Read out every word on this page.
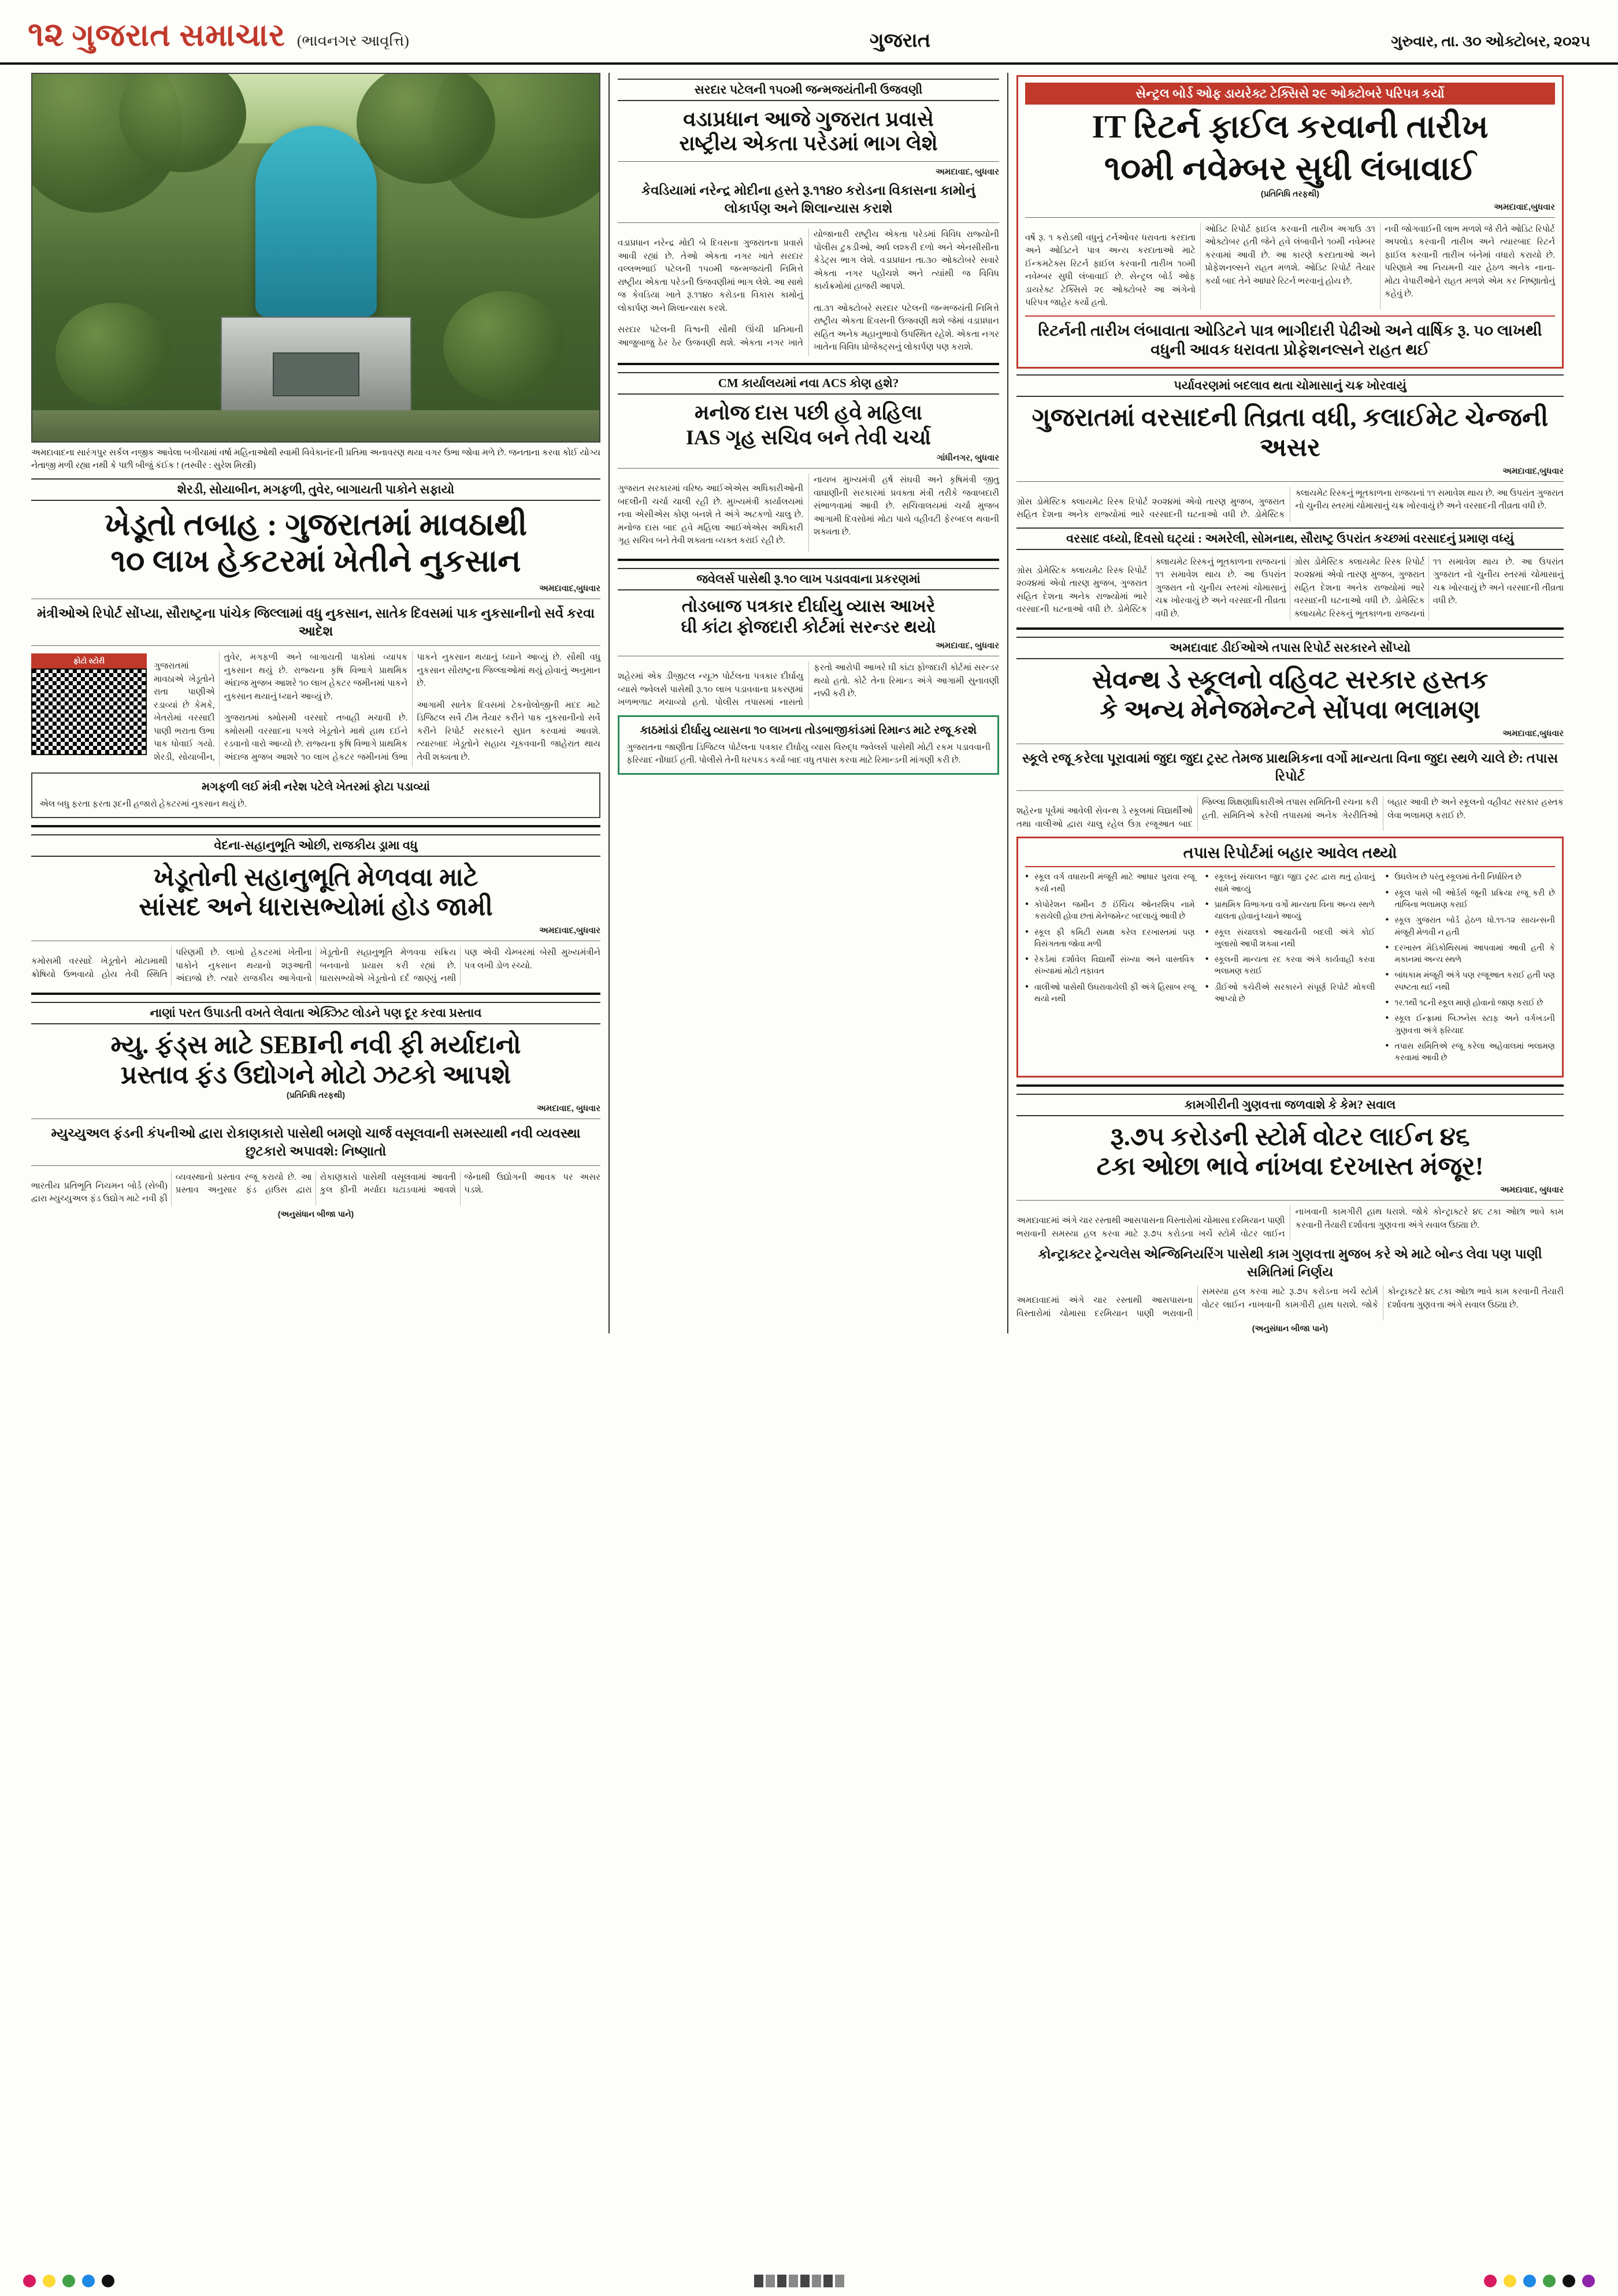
૧૨ ગુજરાત સમાચાર (ભાવનગર આવૃત્તિ)	ગુજરાત	ગુરુવાર, તા. ૩૦ ઓક્ટોબર, ૨૦૨૫
અમદાવાદના સારંગપુર સર્કલ નજીક આવેલા બગીચામાં વર્ષા મહિનાઓથી સ્વામી વિવેકાનંદની પ્રતિમા અનાવરણ થયા વગર ઉભા જોવા મળે છે. જનતાના કરવા કોઈ યોગ્ય નેતાજી મળી રહ્યા નથી કે પછી બીજું કંઈક ! (તસ્વીર : સુરેશ મિસ્ત્રી)
શેરડી, સોયાબીન, મગફળી, તુવેર, બાગાયતી પાકોને સફાયો
ખેડૂતો તબાહ : ગુજરાતમાં માવઠાથી
૧૦ લાખ હેકટરમાં ખેતીને નુકસાન
અમદાવાદ,બુધવાર
મંત્રીઓએ રિપોર્ટ સોંપ્યા, સૌરાષ્ટ્રના પાંચેક જિલ્લામાં વધુ નુકસાન, સાતેક દિવસમાં પાક નુકસાનીનો સર્વે કરવા આદેશ
ફોટો સ્ટોરી

ગુજરાતમાં માવઠાએ ખેડૂતોને રાતા પાણીએ રડાવ્યાં છે કેમકે, ખેતરોમાં વરસાદી પાણી ભરાતા ઉભા પાક ધોવાઈ ગયો. શેરડી, સોયાબીન, તુવેર, મગફળી અને બાગાયતી પાકોમાં વ્યાપક નુકસાન થયું છે. રાજ્યના કૃષિ વિભાગે પ્રાથમિક અંદાજ મુજબ આશરે ૧૦ લાખ હેકટર જમીનમાં પાકને નુકસાન થયાનું ધ્યાને આવ્યું છે.

ગુજરાતમાં ક્મોસમી વરસાદે તબાહી મચાવી છે. ક્મોસમી વરસાદના પગલે ખેડૂતોને માથે હાથ દઈને રડવાનો વારો આવ્યો છે. રાજ્યના કૃષિ વિભાગે પ્રાથમિક અંદાજ મુજબ આશરે ૧૦ લાખ હેકટર જમીનમાં ઉભા પાકને નુકસાન થયાનું ધ્યાને આવ્યું છે. સૌથી વધુ નુકસાન સૌરાષ્ટ્રના જિલ્લાઓમાં થયું હોવાનું અનુમાન છે.

આગામી સાતેક દિવસમાં ટેકનોલોજીની મદદ માટે ડિજિટલ સર્વે ટીમ તૈયાર કરીને પાક નુકસાનીનો સર્વે કરીને રિપોર્ટ સરકારને સુપ્રત કરવામાં આવશે. ત્યારબાદ ખેડૂતોને સહાય ચૂકવવાની જાહેરાત થાય તેવી શક્યતા છે.

મગફળી લઈ મંત્રી નરેશ પટેલે ખેતરમાં ફોટા પડાવ્યાં
એલ બધુ ફરતા ફરતા રૂદની હજારો હેકટરમાં નુકસાન થયું છે.
વેદના-સહાનુભૂતિ ઓછી, રાજકીય ડ્રામા વધુ
ખેડૂતોની સહાનુભૂતિ મેળવવા માટે
સાંસદ અને ધારાસભ્યોમાં હોડ જામી
અમદાવાદ,બુધવાર

કમોસમી વરસાદે ખેડૂતોને મોટામાથી ક્રોષિયો ઉભવાયો હોય તેવી સ્થિતિ પરિણમી છે. લાખો હેકટરમાં ખેતીના પાકોને નુકસાન થયાનો શરૂઆતી અંદાજો છે. ત્યારે રાજકીય આગેવાનો ખેડૂતોની સહાનુભૂતિ મેળવવા સક્રિય બનવાનો પ્રયાસ કરી રહ્યાં છે. ધારાસભ્યોએ ખેડૂતોનો દર્દ જાણ્યું નથી પણ એવી ચેમ્બરમાં બેસી મુખ્યમંત્રીને પત્ર લખી ડોળ રચ્યો.

નાણાં પરત ઉપાડતી વખતે લેવાતા એક્ઝિટ લોડને પણ દૂર કરવા પ્રસ્તાવ
મ્યુ. ફંડ્સ માટે SEBIની નવી ફી મર્યાદાનો
પ્રસ્તાવ ફંડ ઉદ્યોગને મોટો ઝટકો આપશે
(પ્રતિનિધિ તરફથી)
અમદાવાદ, બુધવાર
મ્યુચ્યુઅલ ફંડની કંપનીઓ દ્વારા રોકાણકારો પાસેથી બમણો ચાર્જ વસૂલવાની સમસ્યાથી નવી વ્યવસ્થા છુટકારો અપાવશે: નિષ્ણાતો

ભારતીય પ્રતિભૂતિ નિયમન બોર્ડ (સેબી) દ્વારા મ્યુચ્યુઅલ ફંડ ઉદ્યોગ માટે નવી ફી વ્યવસ્થાનો પ્રસ્તાવ રજૂ કરાયો છે. આ પ્રસ્તાવ અનુસાર ફંડ હાઉસ દ્વારા રોકાણકારો પાસેથી વસૂલવામાં આવતી કુલ ફીની મર્યાદા ઘટાડવામાં આવશે જેનાથી ઉદ્યોગની આવક પર અસર પડશે.

(અનુસંધાન બીજા પાને)
સરદાર પટેલની ૧૫૦મી જન્મજયંતીની ઉજવણી
વડાપ્રધાન આજે ગુજરાત પ્રવાસે
રાષ્ટ્રીય એકતા પરેડમાં ભાગ લેશે
અમદાવાદ, બુધવાર
કેવડિયામાં નરેન્દ્ર મોદીના હસ્તે રૂ.૧૧૪૦ કરોડના વિકાસના કામોનું લોકાર્પણ અને શિલાન્યાસ કરાશે

વડાપ્રધાન નરેન્દ્ર મોદી બે દિવસના ગુજરાતના પ્રવાસે આવી રહ્યાં છે. તેઓ એકતા નગર ખાતે સરદાર વલ્લભભાઈ પટેલની ૧૫૦મી જન્મજયંતી નિમિત્તે રાષ્ટ્રીય એકતા પરેડની ઉજવણીમાં ભાગ લેશે. આ સાથે જ કેવડિયા ખાતે રૂ.૧૧૪૦ કરોડના વિકાસ કામોનું લોકાર્પણ અને શિલાન્યાસ કરશે.

સરદાર પટેલની વિશ્વની સૌથી ઊંચી પ્રતિમાની આજુબાજુ ઠેર ઠેર ઉજવણી થશે. એકતા નગર ખાતે યોજાનારી રાષ્ટ્રીય એકતા પરેડમાં વિવિધ રાજ્યોની પોલીસ ટુકડીઓ, અર્ધ લશ્કરી દળો અને એનસીસીના કેડેટ્સ ભાગ લેશે. વડાપ્રધાન તા.૩૦ ઓક્ટોબરે સવારે એકતા નગર પહોંચશે અને ત્યાંથી જ વિવિધ કાર્યક્રમોમાં હાજરી આપશે.

તા.૩૧ ઓક્ટોબરે સરદાર પટેલની જન્મજયંતી નિમિત્તે રાષ્ટ્રીય એકતા દિવસની ઉજવણી થશે જેમાં વડાપ્રધાન સહિત અનેક મહાનુભાવો ઉપસ્થિત રહેશે. એકતા નગર ખાતેના વિવિધ પ્રોજેક્ટ્સનું લોકાર્પણ પણ કરાશે.

CM કાર્યાલયમાં નવા ACS કોણ હશે?
મનોજ દાસ પછી હવે મહિલા
IAS ગૃહ સચિવ બને તેવી ચર્ચા
ગાંધીનગર, બુધવાર

ગુજરાત સરકારમાં વરિષ્ઠ આઈએએસ અધિકારીઓની બદલીની ચર્ચા ચાલી રહી છે. મુખ્યમંત્રી કાર્યાલયમાં નવા એસીએસ કોણ બનશે તે અંગે અટકળો ચાલુ છે. મનોજ દાસ બાદ હવે મહિલા આઈએએસ અધિકારી ગૃહ સચિવ બને તેવી શક્યતા વ્યક્ત કરાઈ રહી છે.

નાયબ મુખ્યમંત્રી હર્ષ સંઘવી અને કૃષિમંત્રી જીતુ વાઘાણીની સરકારમાં પ્રવક્તા મંત્રી તરીકે જવાબદારી સંભાળવામાં આવી છે. સચિવાલયમાં ચર્ચા મુજબ આગામી દિવસોમાં મોટા પાયે વહીવટી ફેરબદલ થવાની શક્યતા છે.

જવેલર્સ પાસેથી રૂ.૧૦ લાખ પડાવવાના પ્રકરણમાં
તોડબાજ પત્રકાર દીર્ઘાયુ વ્યાસ આખરે
ઘી કાંટા ફોજદારી કોર્ટમાં સરન્ડર થયો
અમદાવાદ, બુધવાર

શહેરમાં એક ડીજીટલ ન્યૂઝ પોર્ટલના પત્રકાર દીર્ઘાયુ વ્યાસે જ્વેલર્સ પાસેથી રૂ.૧૦ લાખ પડાવવાના પ્રકરણમાં ખળભળાટ મચાવ્યો હતો. પોલીસ તપાસમાં નાસતો ફરતો આરોપી આખરે ઘી કાંટા ફોજદારી કોર્ટમાં સરન્ડર થયો હતો. કોર્ટે તેના રિમાન્ડ અંગે આગામી સુનાવણી નક્કી કરી છે.

કાઠમાંડાં દીર્ઘાયુ વ્યાસના ૧૦ લાખના તોડબાજીકાંડમાં રિમાન્ડ માટે રજૂ કરશે
ગુજરાતના જાણીતા ડિજિટલ પોર્ટલના પત્રકાર દીર્ઘાયુ વ્યાસ વિરુદ્ધ જ્વેલર્સ પાસેથી મોટી રકમ પડાવવાની ફરિયાદ નોંધાઈ હતી. પોલીસે તેની ધરપકડ કર્યા બાદ વધુ તપાસ કરવા માટે રિમાન્ડની માંગણી કરી છે.
સેન્ટ્રલ બોર્ડ ઓફ ડાયરેક્ટ ટેક્સિસે ૨૯ ઓક્ટોબરે પરિપત્ર કર્યો
IT રિટર્ન ફાઈલ કરવાની તારીખ
૧૦મી નવેમ્બર સુધી લંબાવાઈ
(પ્રતિનિધિ તરફથી)
અમદાવાદ,બુધવાર

વર્ષે રૂ. ૧ કરોડથી વધુનું ટર્નઓવર ધરાવતા કરદાતા અને ઓડિટને પાત્ર અન્ય કરદાતાઓ માટે ઈન્કમટેક્સ રિટર્ન ફાઈલ કરવાની તારીખ ૧૦મી નવેમ્બર સુધી લંબાવાઈ છે. સેન્ટ્રલ બોર્ડ ઓફ ડાયરેક્ટ ટેક્સિસે ૨૯ ઓક્ટોબરે આ અંગેનો પરિપત્ર જાહેર કર્યો હતો.

ઓડિટ રિપોર્ટ ફાઈલ કરવાની તારીખ અગાઉ ૩૧ ઓક્ટોબર હતી જેને હવે લંબાવીને ૧૦મી નવેમ્બર કરવામાં આવી છે. આ કારણે કરદાતાઓ અને પ્રોફેશનલ્સને રાહત મળશે. ઓડિટ રિપોર્ટ તૈયાર કર્યા બાદ તેને આધારે રિટર્ન ભરવાનું હોય છે.

નવી જોગવાઈની લાભ મળશે જે રીતે ઓડિટ રિપોર્ટ અપલોડ કરવાની તારીખ અને ત્યારબાદ રિટર્ન ફાઈલ કરવાની તારીખ બંનેમાં વધારો કરાયો છે. પરિણામે આ નિયમની ચાર હેઠળ અનેક નાના-મોટા વેપારીઓને રાહત મળશે એમ કર નિષ્ણાતોનું કહેવું છે.

રિટર્નની તારીખ લંબાવાતા ઓડિટને પાત્ર ભાગીદારી પેઢીઓ અને વાર્ષિક રૂ. ૫૦ લાખથી વધુની આવક ધરાવતા પ્રોફેશનલ્સને રાહત થઈ
પર્યાવરણમાં બદલાવ થતા ચોમાસાનું ચક્ર ખોરવાયું
ગુજરાતમાં વરસાદની તિવ્રતા વધી, કલાઈમેટ ચેન્જની અસર
અમદાવાદ,બુધવાર

ગ્રોસ ડોમેસ્ટિક ક્લાયમેટ રિસ્ક રિપોર્ટ ૨૦૨૪માં એવો તારણ મુજબ, ગુજરાત સહિત દેશના અનેક રાજ્યોમાં ભારે વરસાદની ઘટનાઓ વધી છે. ડોમેસ્ટિક ક્લાયમેટ રિસ્કનું ભૂતકાળના રાજયનાં ૧૧ સમાવેશ થાય છે. આ ઉપરાંત ગુજરાત નો ચુનીય સ્તરમાં ચોમાસાનું ચક્ર ખોરવાયું છે અને વરસાદની તીવ્રતા વધી છે.

વરસાદ વધ્યો, દિવસો ઘટ્યાં : અમરેલી, સોમનાથ, સૌરાષ્ટ્ર ઉપરાંત કચ્છમાં વરસાદનું પ્રમાણ વધ્યું

ગ્રોસ ડોમેસ્ટિક ક્લાયમેટ રિસ્ક રિપોર્ટ ૨૦૨૪માં એવો તારણ મુજબ, ગુજરાત સહિત દેશના અનેક રાજ્યોમાં ભારે વરસાદની ઘટનાઓ વધી છે. ડોમેસ્ટિક ક્લાયમેટ રિસ્કનું ભૂતકાળના રાજયનાં ૧૧ સમાવેશ થાય છે. આ ઉપરાંત ગુજરાત નો ચુનીય સ્તરમાં ચોમાસાનું ચક્ર ખોરવાયું છે અને વરસાદની તીવ્રતા વધી છે.

ગ્રોસ ડોમેસ્ટિક ક્લાયમેટ રિસ્ક રિપોર્ટ ૨૦૨૪માં એવો તારણ મુજબ, ગુજરાત સહિત દેશના અનેક રાજ્યોમાં ભારે વરસાદની ઘટનાઓ વધી છે. ડોમેસ્ટિક ક્લાયમેટ રિસ્કનું ભૂતકાળના રાજયનાં ૧૧ સમાવેશ થાય છે. આ ઉપરાંત ગુજરાત નો ચુનીય સ્તરમાં ચોમાસાનું ચક્ર ખોરવાયું છે અને વરસાદની તીવ્રતા વધી છે.

અમદાવાદ ડીઈઓએ તપાસ રિપોર્ટ સરકારને સોંપ્યો
સેવન્થ ડે સ્કૂલનો વહિવટ સરકાર હસ્તક
કે અન્ય મેનેજમેન્ટને સોંપવા ભલામણ
અમદાવાદ,બુધવાર
સ્કૂલે રજૂ કરેલા પૂરાવામાં જુદા જુદા ટ્રસ્ટ તેમજ પ્રાથમિકના વર્ગો માન્યતા વિના જુદા સ્થળે ચાલે છે: તપાસ રિપોર્ટ

શહેરના પૂર્વમાં આવેલી સેવન્થ ડે સ્કૂલમાં વિદ્યાર્થીઓ તથા વાલીઓ દ્વારા ચાલુ રહેલ ઉગ્ર રજૂઆત બાદ જિલ્લા શિક્ષણાધિકારીએ તપાસ સમિતિની રચના કરી હતી. સમિતિએ કરેલી તપાસમાં અનેક ગેરરીતિઓ બહાર આવી છે અને સ્કૂલનો વહીવટ સરકાર હસ્તક લેવા ભલામણ કરાઈ છે.

તપાસ રિપોર્ટમાં બહાર આવેલ તથ્યો
● સ્કૂલ વર્ગ વધારાની મંજૂરી માટે આધાર પુરાવા રજૂ કર્યા નથી
● કોપોરેશન જમીન ૭ ઈંચિય ઓનરશિપ નામે કરાયેલી હોવા છતાં મેનેજમેન્ટ બદલાયું આવી છે
● સ્કૂલ ફી કમિટી સમક્ષ કરેલ દરખાસ્તમાં પણ વિસંગતતા જોવા મળી
● રેકર્ડમાં દર્શાવેલ વિદ્યાર્થી સંખ્યા અને વાસ્તવિક સંખ્યામાં મોટો તફાવત
● વાલીઓ પાસેથી ઉઘરાવાયેલી ફી અંગે હિસાબ રજૂ થયો નથી
● સ્કૂલનું સંચાલન જુદા જુદા ટ્રસ્ટ દ્વારા થતું હોવાનું સામે આવ્યું
● પ્રાથમિક વિભાગના વર્ગો માન્યતા વિના અન્ય સ્થળે ચાલતા હોવાનું ધ્યાને આવ્યું
● સ્કૂલ સંચાલકો આચાર્યની બદલી અંગે કોઈ ખુલાસો આપી શક્યા નથી
● સ્કૂલની માન્યતા રદ કરવા અંગે કાર્યવાહી કરવા ભલામણ કરાઈ
● ડીઈઓ કચેરીએ સરકારને સંપૂર્ણ રિપોર્ટ મોકલી આપ્યો છે
● ઉઘલેખ છે પરંતુ સ્કૂલમાં તેની નિર્ધારિત છે
● સ્કૂલ પાસે બી ઓર્ડર્સ જૂની પ્રક્રિયા રજૂ કરી છે તાંબિના ભલામણ કરાઈ
● સ્કૂલ ગુજરાત બોર્ડ હેઠળ ધો.૧૧-૧૨ સાયન્સની મંજૂરી મેળવી ન હતી
● દરખાસ્ત મેડિકોથિસમાં આપવામાં આવી હતી કે મકાનમાં અન્ય સ્થળે
● બાંધકામ મંજૂરી અંગે પણ રજૂઆત કરાઈ હતી પણ સ્પષ્ટતા થઈ નથી
● ૧ર.૧થી ૧૮ની સ્કૂલ માણે હોવાનો જાણ કરાઈ છે
● સ્કૂલ ઈન્ફ્રામાં બિઝનેસ સ્ટાફ અને વર્ગખંડની ગુણવત્તા અંગે ફરિયાદ
● તપાસ સમિતિએ રજૂ કરેલા અહેવાલમાં ભલામણ કરવામાં આવી છે
કામગીરીની ગુણવત્તા જળવાશે કે કેમ? સવાલ
રૂ.૭૫ કરોડની સ્ટોર્મ વોટર લાઈન ૪૬
ટકા ઓછા ભાવે નાંખવા દરખાસ્ત મંજૂર!
અમદાવાદ, બુધવાર

અમદાવાદમાં અંગે ચાર રસ્તાથી આસપાસના વિસ્તારોમાં ચોમાસા દરમિયાન પાણી ભરાવાની સમસ્યા હલ કરવા માટે રૂ.૭૫ કરોડના ખર્ચે સ્ટોર્મ વોટર લાઈન નાખવાની કામગીરી હાથ ધરાશે. જોકે કોન્ટ્રાક્ટરે ૪૬ ટકા ઓછા ભાવે કામ કરવાની તૈયારી દર્શાવતા ગુણવત્તા અંગે સવાલ ઉઠ્યા છે.

કોન્ટ્રાક્ટર ટ્રેન્ચલેસ એન્જિનિયરિંગ પાસેથી કામ ગુણવત્તા મુજબ કરે એ માટે બોન્ડ લેવા પણ પાણી સમિતિમાં નિર્ણય

અમદાવાદમાં અંગે ચાર રસ્તાથી આસપાસના વિસ્તારોમાં ચોમાસા દરમિયાન પાણી ભરાવાની સમસ્યા હલ કરવા માટે રૂ.૭૫ કરોડના ખર્ચે સ્ટોર્મ વોટર લાઈન નાખવાની કામગીરી હાથ ધરાશે. જોકે કોન્ટ્રાક્ટરે ૪૬ ટકા ઓછા ભાવે કામ કરવાની તૈયારી દર્શાવતા ગુણવત્તા અંગે સવાલ ઉઠ્યા છે.

(અનુસંધાન બીજા પાને)
